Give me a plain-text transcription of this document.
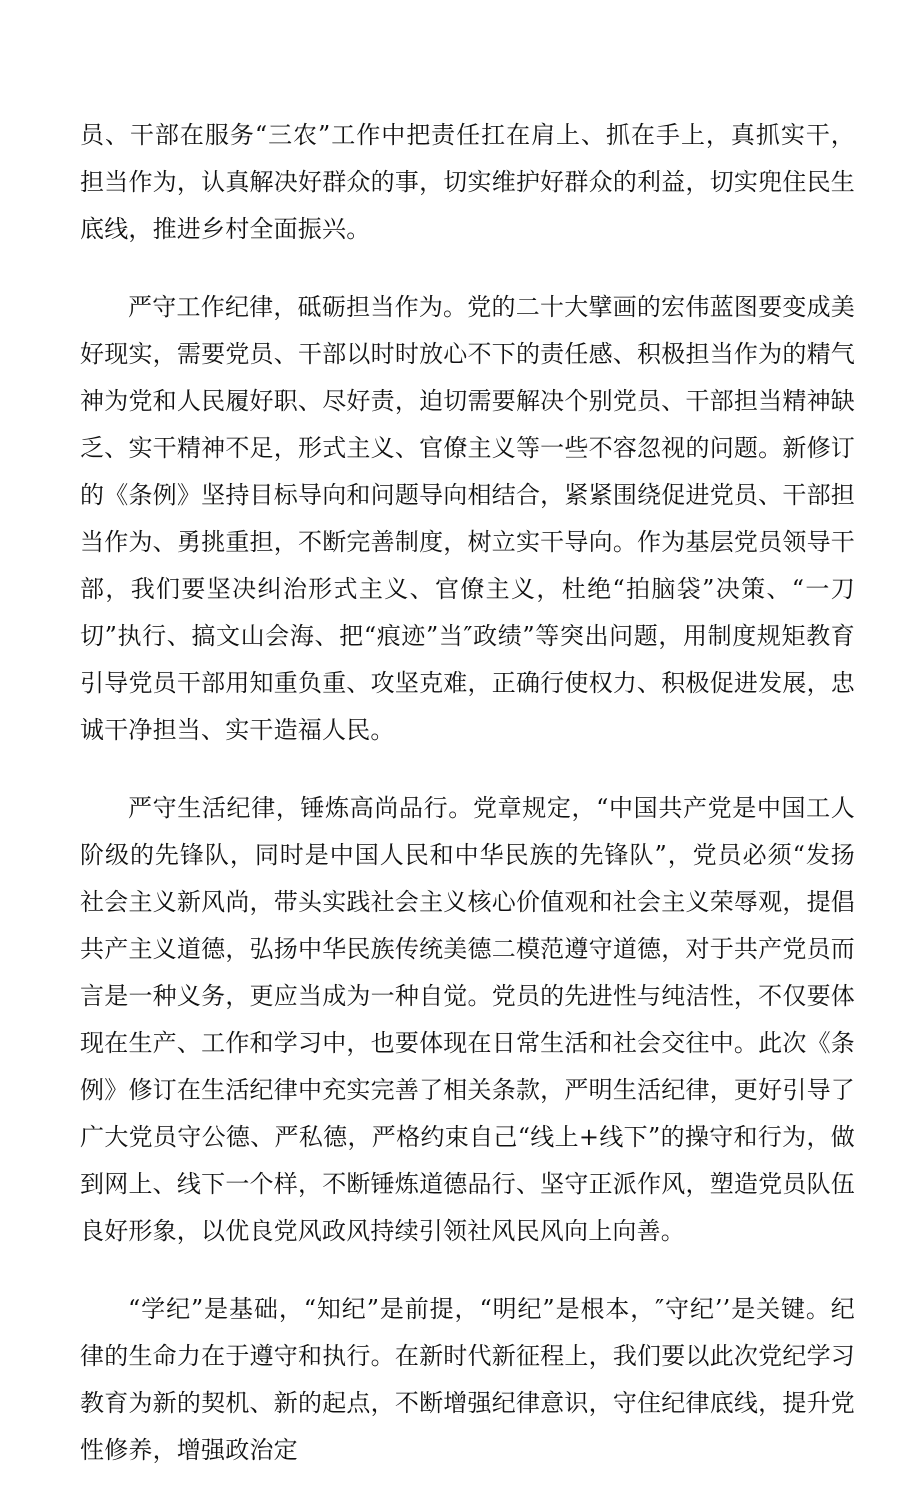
员、干部在服务“三农”工作中把责任扛在肩上、抓在手上，真抓实干，担当作为，认真解决好群众的事，切实维护好群众的利益，切实兜住民生底线，推进乡村全面振兴。

严守工作纪律，砥砺担当作为。党的二十大擘画的宏伟蓝图要变成美好现实，需要党员、干部以时时放心不下的责任感、积极担当作为的精气神为党和人民履好职、尽好责，迫切需要解决个别党员、干部担当精神缺乏、实干精神不足，形式主义、官僚主义等一些不容忽视的问题。新修订的《条例》坚持目标导向和问题导向相结合，紧紧围绕促进党员、干部担当作为、勇挑重担，不断完善制度，树立实干导向。作为基层党员领导干部，我们要坚决纠治形式主义、官僚主义，杜绝“拍脑袋”决策、“一刀切”执行、搞文山会海、把“痕迹”当″政绩”等突出问题，用制度规矩教育引导党员干部用知重负重、攻坚克难，正确行使权力、积极促进发展，忠诚干净担当、实干造福人民。

严守生活纪律，锤炼高尚品行。党章规定，“中国共产党是中国工人阶级的先锋队，同时是中国人民和中华民族的先锋队”，党员必须“发扬社会主义新风尚，带头实践社会主义核心价值观和社会主义荣辱观，提倡共产主义道德，弘扬中华民族传统美德二模范遵守道德，对于共产党员而言是一种义务，更应当成为一种自觉。党员的先进性与纯洁性，不仅要体现在生产、工作和学习中，也要体现在日常生活和社会交往中。此次《条例》修订在生活纪律中充实完善了相关条款，严明生活纪律，更好引导了广大党员守公德、严私德，严格约束自己“线上+线下”的操守和行为，做到网上、线下一个样，不断锤炼道德品行、坚守正派作风，塑造党员队伍良好形象，以优良党风政风持续引领社风民风向上向善。

“学纪”是基础，“知纪”是前提，“明纪”是根本，″守纪’’是关键。纪律的生命力在于遵守和执行。在新时代新征程上，我们要以此次党纪学习教育为新的契机、新的起点，不断增强纪律意识，守住纪律底线，提升党性修养，增强政治定
